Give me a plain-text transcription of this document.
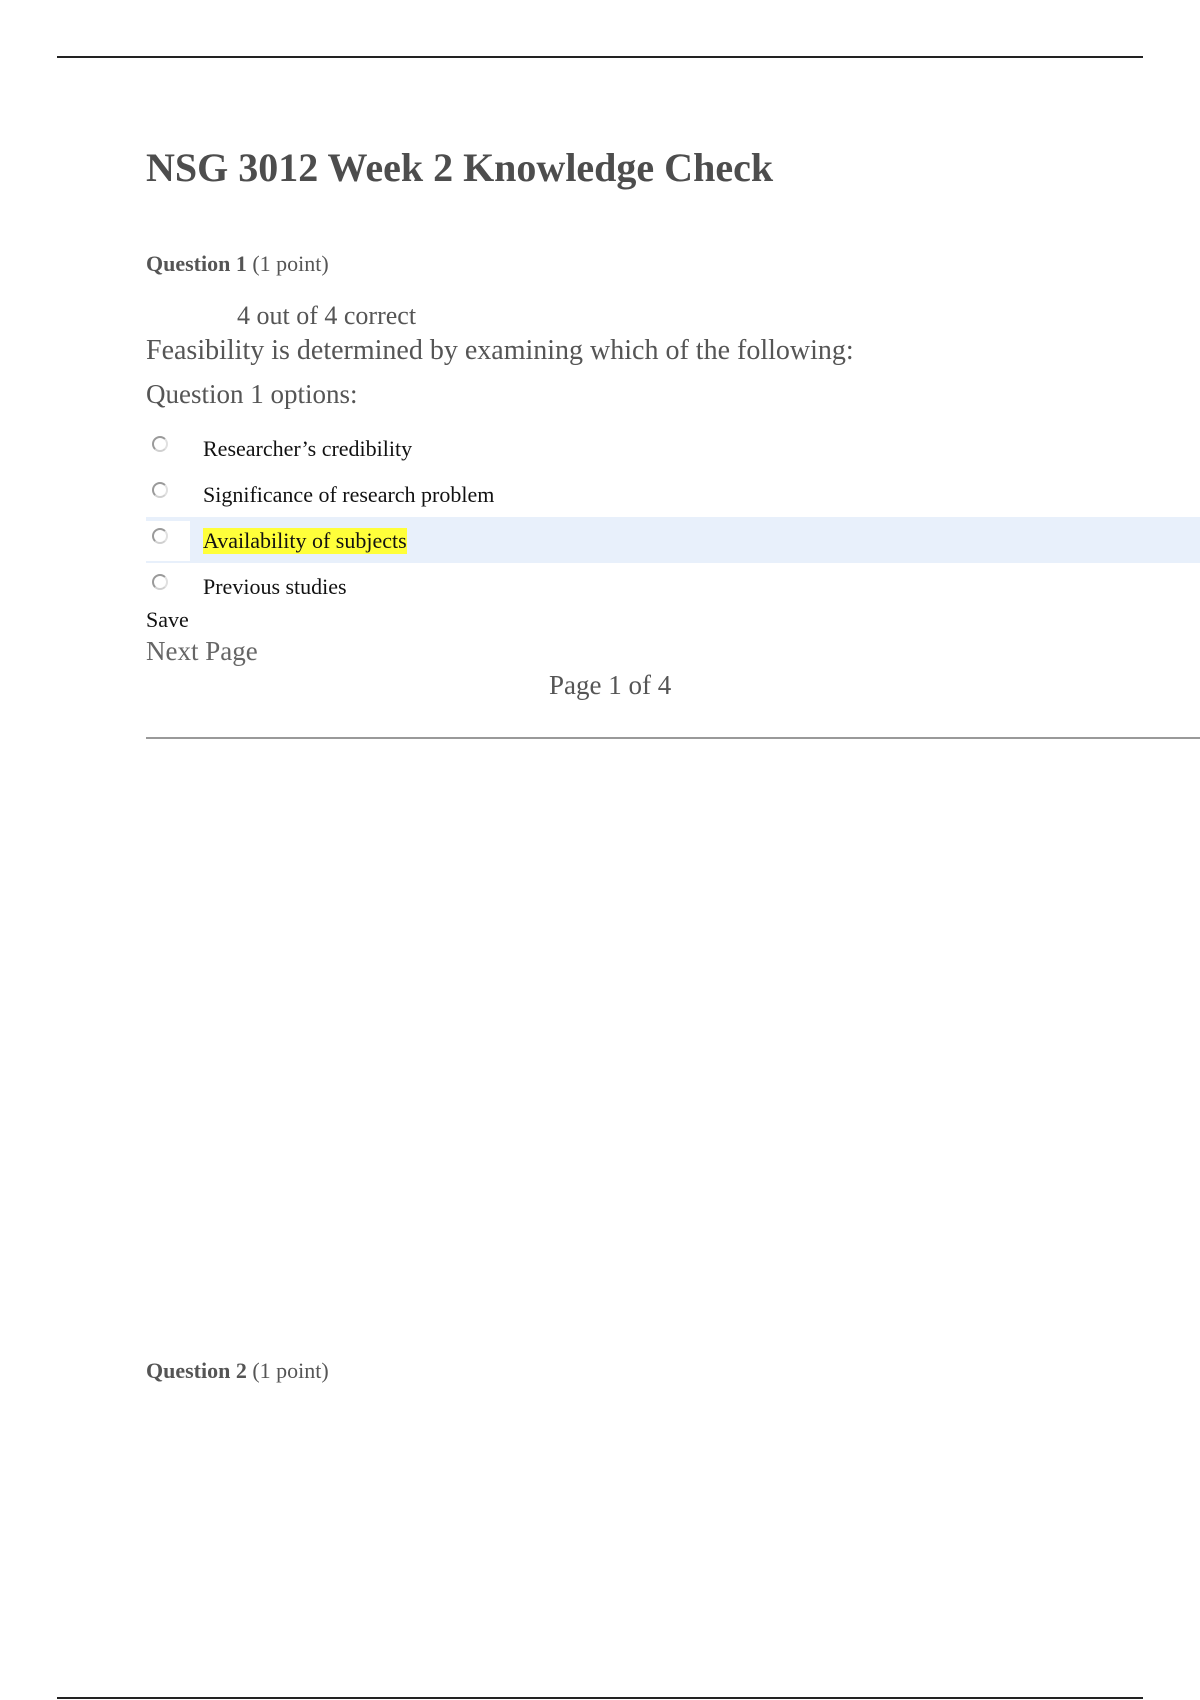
NSG 3012 Week 2 Knowledge Check
Question 1 (1 point)
4 out of 4 correct
Feasibility is determined by examining which of the following:
Question 1 options:
Researcher’s credibility
Significance of research problem
Availability of subjects
Previous studies
Save
Next Page
Page 1 of 4
Question 2 (1 point)
